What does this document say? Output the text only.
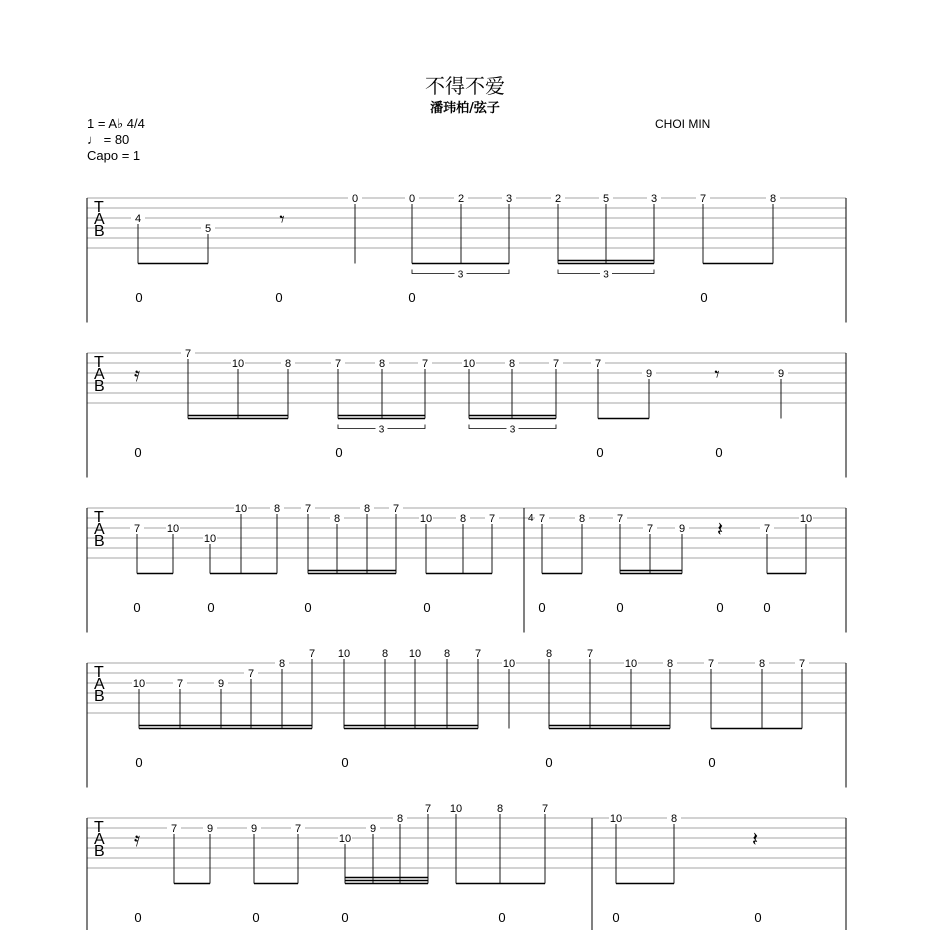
不得不爱
潘玮柏/弦子
1 = A♭ 4/4
♩ = 80
Capo = 1
CHOI MIN
T
A
B
4
5
0	0	2	3	2	5	3	7	8
3	3
𝄾
0	0	0	0
T
A
B
7
10	8	7	8	7	10	8	7	7
9	9
3	3
𝄿	𝄾
0	0	0	0
T
A
B
4
7 10
10
10 8 7
8
8 7
10	8 7	7	8	7
7 9	7
10
𝄽
0	0	0	0	0	0	0	0
T
A
B
10	7	9
7
8
7 10	8 10 8 7
10
8	7
10	8	7	8	7
0	0	0	0
T
A
B
7	9	9	7
10
9
8
7 10	8	7
10	8
𝄿	𝄽
0	0	0	0	0	0
